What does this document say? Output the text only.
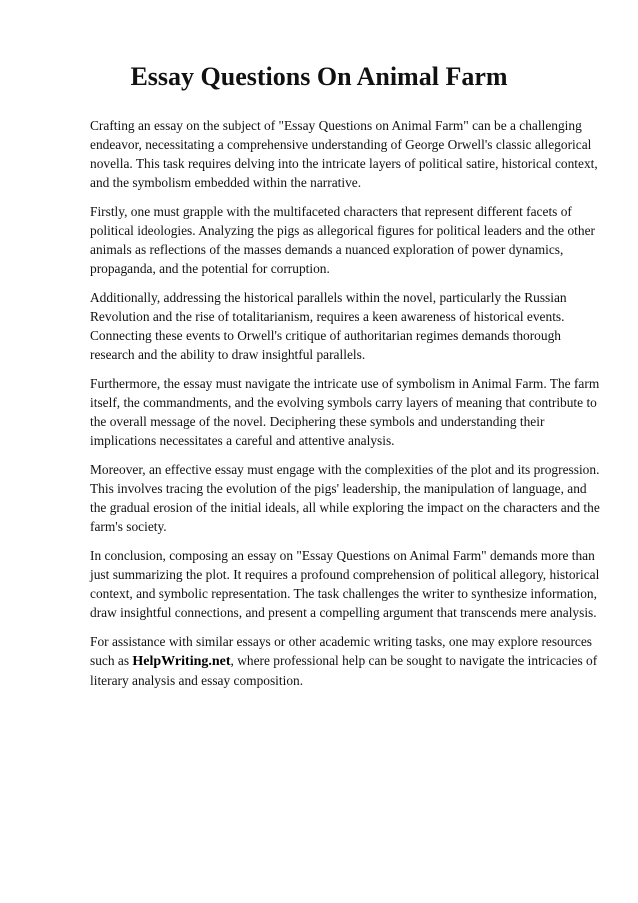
Essay Questions On Animal Farm

Crafting an essay on the subject of "Essay Questions on Animal Farm" can be a challenging endeavor, necessitating a comprehensive understanding of George Orwell's classic allegorical novella. This task requires delving into the intricate layers of political satire, historical context, and the symbolism embedded within the narrative.

Firstly, one must grapple with the multifaceted characters that represent different facets of political ideologies. Analyzing the pigs as allegorical figures for political leaders and the other animals as reflections of the masses demands a nuanced exploration of power dynamics, propaganda, and the potential for corruption.

Additionally, addressing the historical parallels within the novel, particularly the Russian Revolution and the rise of totalitarianism, requires a keen awareness of historical events. Connecting these events to Orwell's critique of authoritarian regimes demands thorough research and the ability to draw insightful parallels.

Furthermore, the essay must navigate the intricate use of symbolism in Animal Farm. The farm itself, the commandments, and the evolving symbols carry layers of meaning that contribute to the overall message of the novel. Deciphering these symbols and understanding their implications necessitates a careful and attentive analysis.

Moreover, an effective essay must engage with the complexities of the plot and its progression. This involves tracing the evolution of the pigs' leadership, the manipulation of language, and the gradual erosion of the initial ideals, all while exploring the impact on the characters and the farm's society.

In conclusion, composing an essay on "Essay Questions on Animal Farm" demands more than just summarizing the plot. It requires a profound comprehension of political allegory, historical context, and symbolic representation. The task challenges the writer to synthesize information, draw insightful connections, and present a compelling argument that transcends mere analysis.

For assistance with similar essays or other academic writing tasks, one may explore resources such as HelpWriting.net, where professional help can be sought to navigate the intricacies of literary analysis and essay composition.
